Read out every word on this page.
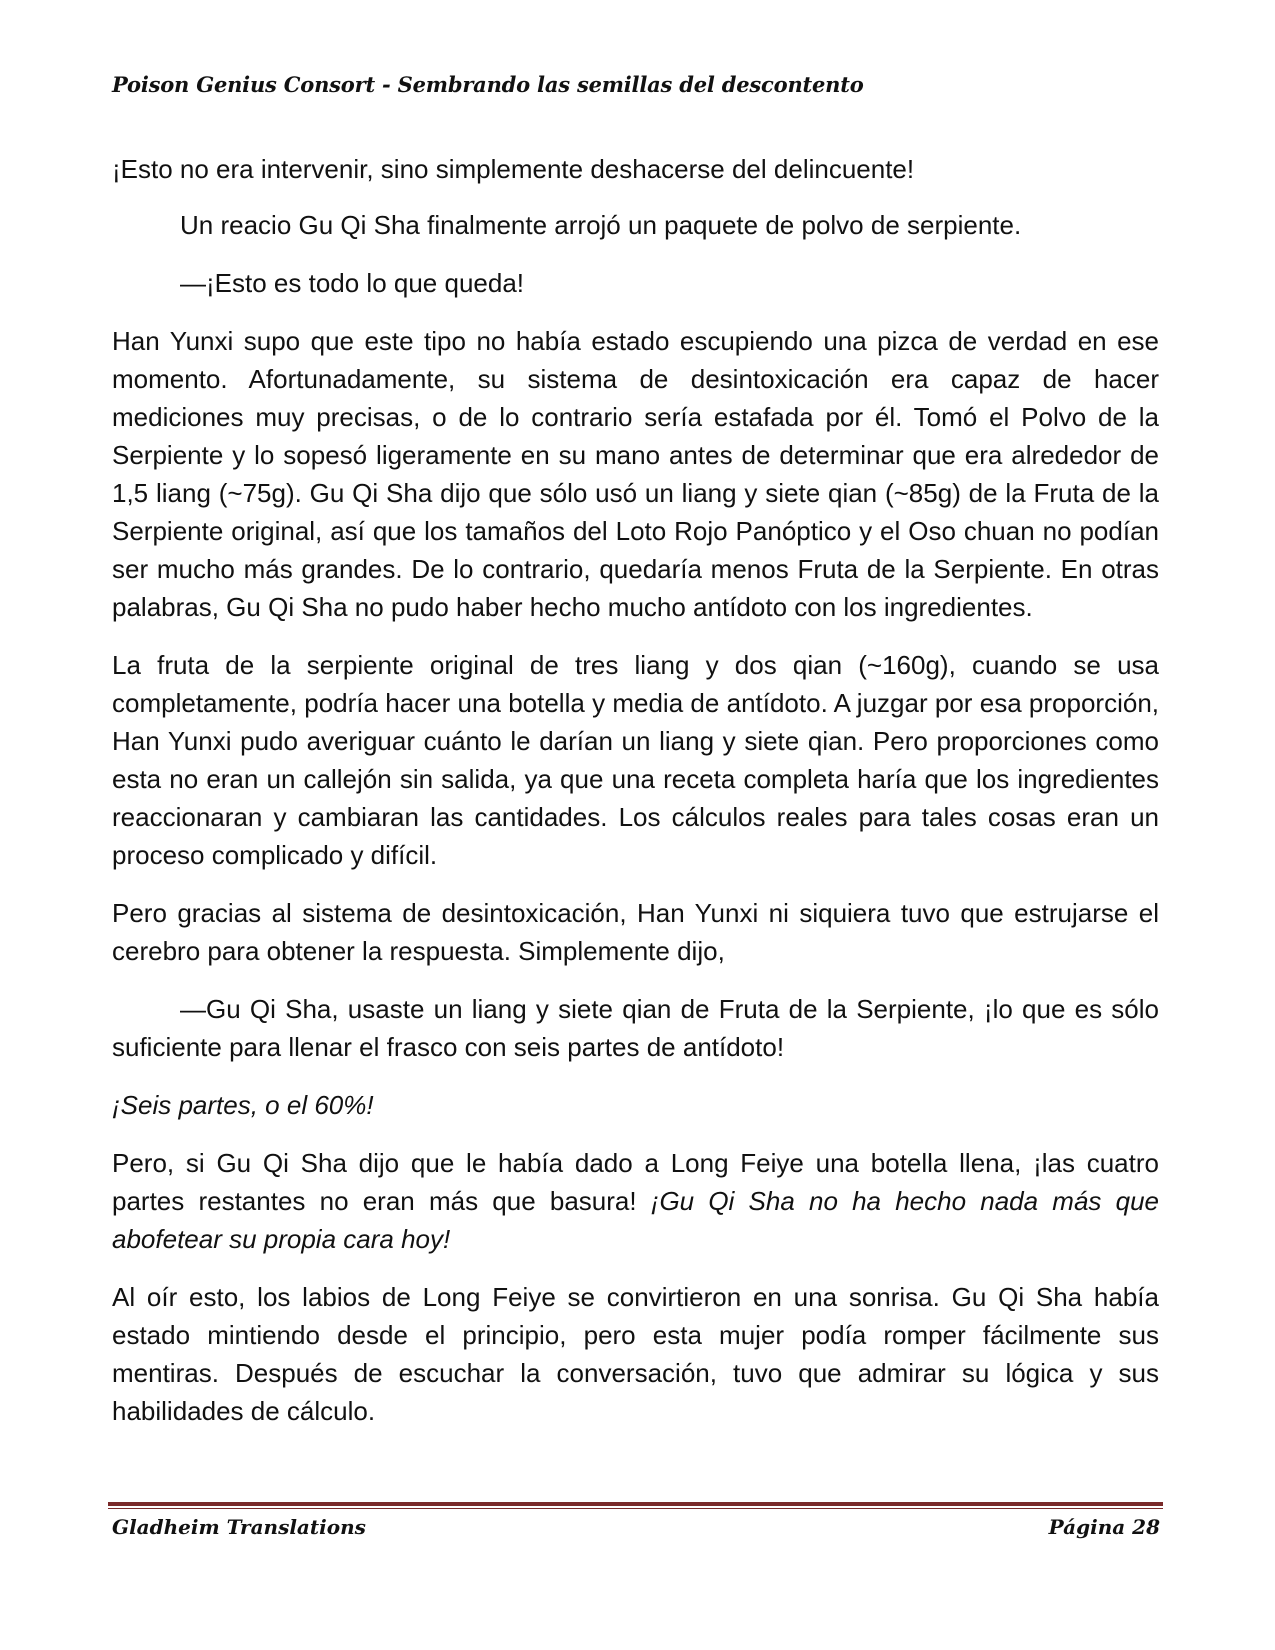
Poison Genius Consort - Sembrando las semillas del descontento

¡Esto no era intervenir, sino simplemente deshacerse del delincuente!

Un reacio Gu Qi Sha finalmente arrojó un paquete de polvo de serpiente.

—¡Esto es todo lo que queda!

Han Yunxi supo que este tipo no había estado escupiendo una pizca de verdad en ese momento. Afortunadamente, su sistema de desintoxicación era capaz de hacer mediciones muy precisas, o de lo contrario sería estafada por él. Tomó el Polvo de la Serpiente y lo sopesó ligeramente en su mano antes de determinar que era alrededor de 1,5 liang (~75g). Gu Qi Sha dijo que sólo usó un liang y siete qian (~85g) de la Fruta de la Serpiente original, así que los tamaños del Loto Rojo Panóptico y el Oso chuan no podían ser mucho más grandes. De lo contrario, quedaría menos Fruta de la Serpiente. En otras palabras, Gu Qi Sha no pudo haber hecho mucho antídoto con los ingredientes.

La fruta de la serpiente original de tres liang y dos qian (~160g), cuando se usa completamente, podría hacer una botella y media de antídoto. A juzgar por esa proporción, Han Yunxi pudo averiguar cuánto le darían un liang y siete qian. Pero proporciones como esta no eran un callejón sin salida, ya que una receta completa haría que los ingredientes reaccionaran y cambiaran las cantidades. Los cálculos reales para tales cosas eran un proceso complicado y difícil.

Pero gracias al sistema de desintoxicación, Han Yunxi ni siquiera tuvo que estrujarse el cerebro para obtener la respuesta. Simplemente dijo,

—Gu Qi Sha, usaste un liang y siete qian de Fruta de la Serpiente, ¡lo que es sólo suficiente para llenar el frasco con seis partes de antídoto!

¡Seis partes, o el 60%!

Pero, si Gu Qi Sha dijo que le había dado a Long Feiye una botella llena, ¡las cuatro partes restantes no eran más que basura! ¡Gu Qi Sha no ha hecho nada más que abofetear su propia cara hoy!

Al oír esto, los labios de Long Feiye se convirtieron en una sonrisa. Gu Qi Sha había estado mintiendo desde el principio, pero esta mujer podía romper fácilmente sus mentiras. Después de escuchar la conversación, tuvo que admirar su lógica y sus habilidades de cálculo.

Gladheim Translations	Página 28
